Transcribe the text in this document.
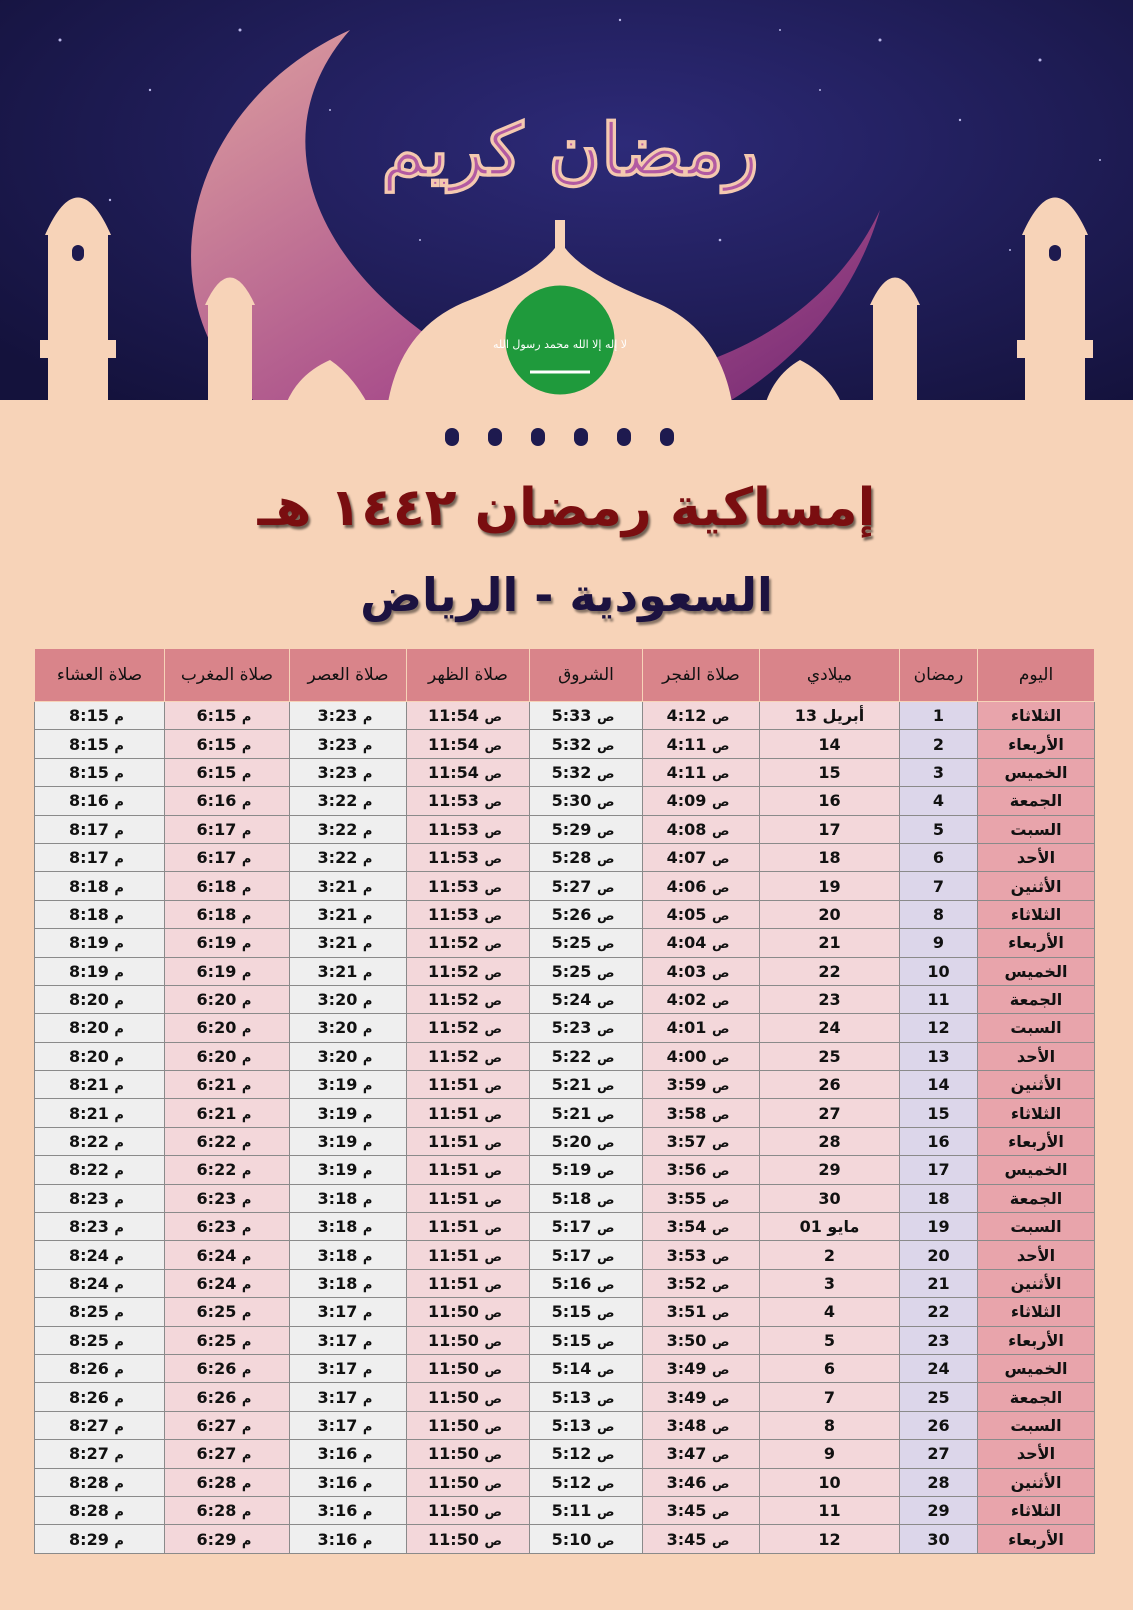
رمضان كريم
لا إله إلا الله محمد رسول الله
إمساكية رمضان ١٤٤٢ هـ
السعودية - الرياض
اليوم	رمضان	ميلادي	صلاة الفجر	الشروق	صلاة الظهر	صلاة العصر	صلاة المغرب	صلاة العشاء
الثلاثاء	1	أبريل 13	ص 4:12	ص 5:33	ص 11:54	م 3:23	م 6:15	م 8:15
الأربعاء	2	14	ص 4:11	ص 5:32	ص 11:54	م 3:23	م 6:15	م 8:15
الخميس	3	15	ص 4:11	ص 5:32	ص 11:54	م 3:23	م 6:15	م 8:15
الجمعة	4	16	ص 4:09	ص 5:30	ص 11:53	م 3:22	م 6:16	م 8:16
السبت	5	17	ص 4:08	ص 5:29	ص 11:53	م 3:22	م 6:17	م 8:17
الأحد	6	18	ص 4:07	ص 5:28	ص 11:53	م 3:22	م 6:17	م 8:17
الأثنين	7	19	ص 4:06	ص 5:27	ص 11:53	م 3:21	م 6:18	م 8:18
الثلاثاء	8	20	ص 4:05	ص 5:26	ص 11:53	م 3:21	م 6:18	م 8:18
الأربعاء	9	21	ص 4:04	ص 5:25	ص 11:52	م 3:21	م 6:19	م 8:19
الخميس	10	22	ص 4:03	ص 5:25	ص 11:52	م 3:21	م 6:19	م 8:19
الجمعة	11	23	ص 4:02	ص 5:24	ص 11:52	م 3:20	م 6:20	م 8:20
السبت	12	24	ص 4:01	ص 5:23	ص 11:52	م 3:20	م 6:20	م 8:20
الأحد	13	25	ص 4:00	ص 5:22	ص 11:52	م 3:20	م 6:20	م 8:20
الأثنين	14	26	ص 3:59	ص 5:21	ص 11:51	م 3:19	م 6:21	م 8:21
الثلاثاء	15	27	ص 3:58	ص 5:21	ص 11:51	م 3:19	م 6:21	م 8:21
الأربعاء	16	28	ص 3:57	ص 5:20	ص 11:51	م 3:19	م 6:22	م 8:22
الخميس	17	29	ص 3:56	ص 5:19	ص 11:51	م 3:19	م 6:22	م 8:22
الجمعة	18	30	ص 3:55	ص 5:18	ص 11:51	م 3:18	م 6:23	م 8:23
السبت	19	مايو 01	ص 3:54	ص 5:17	ص 11:51	م 3:18	م 6:23	م 8:23
الأحد	20	2	ص 3:53	ص 5:17	ص 11:51	م 3:18	م 6:24	م 8:24
الأثنين	21	3	ص 3:52	ص 5:16	ص 11:51	م 3:18	م 6:24	م 8:24
الثلاثاء	22	4	ص 3:51	ص 5:15	ص 11:50	م 3:17	م 6:25	م 8:25
الأربعاء	23	5	ص 3:50	ص 5:15	ص 11:50	م 3:17	م 6:25	م 8:25
الخميس	24	6	ص 3:49	ص 5:14	ص 11:50	م 3:17	م 6:26	م 8:26
الجمعة	25	7	ص 3:49	ص 5:13	ص 11:50	م 3:17	م 6:26	م 8:26
السبت	26	8	ص 3:48	ص 5:13	ص 11:50	م 3:17	م 6:27	م 8:27
الأحد	27	9	ص 3:47	ص 5:12	ص 11:50	م 3:16	م 6:27	م 8:27
الأثنين	28	10	ص 3:46	ص 5:12	ص 11:50	م 3:16	م 6:28	م 8:28
الثلاثاء	29	11	ص 3:45	ص 5:11	ص 11:50	م 3:16	م 6:28	م 8:28
الأربعاء	30	12	ص 3:45	ص 5:10	ص 11:50	م 3:16	م 6:29	م 8:29
